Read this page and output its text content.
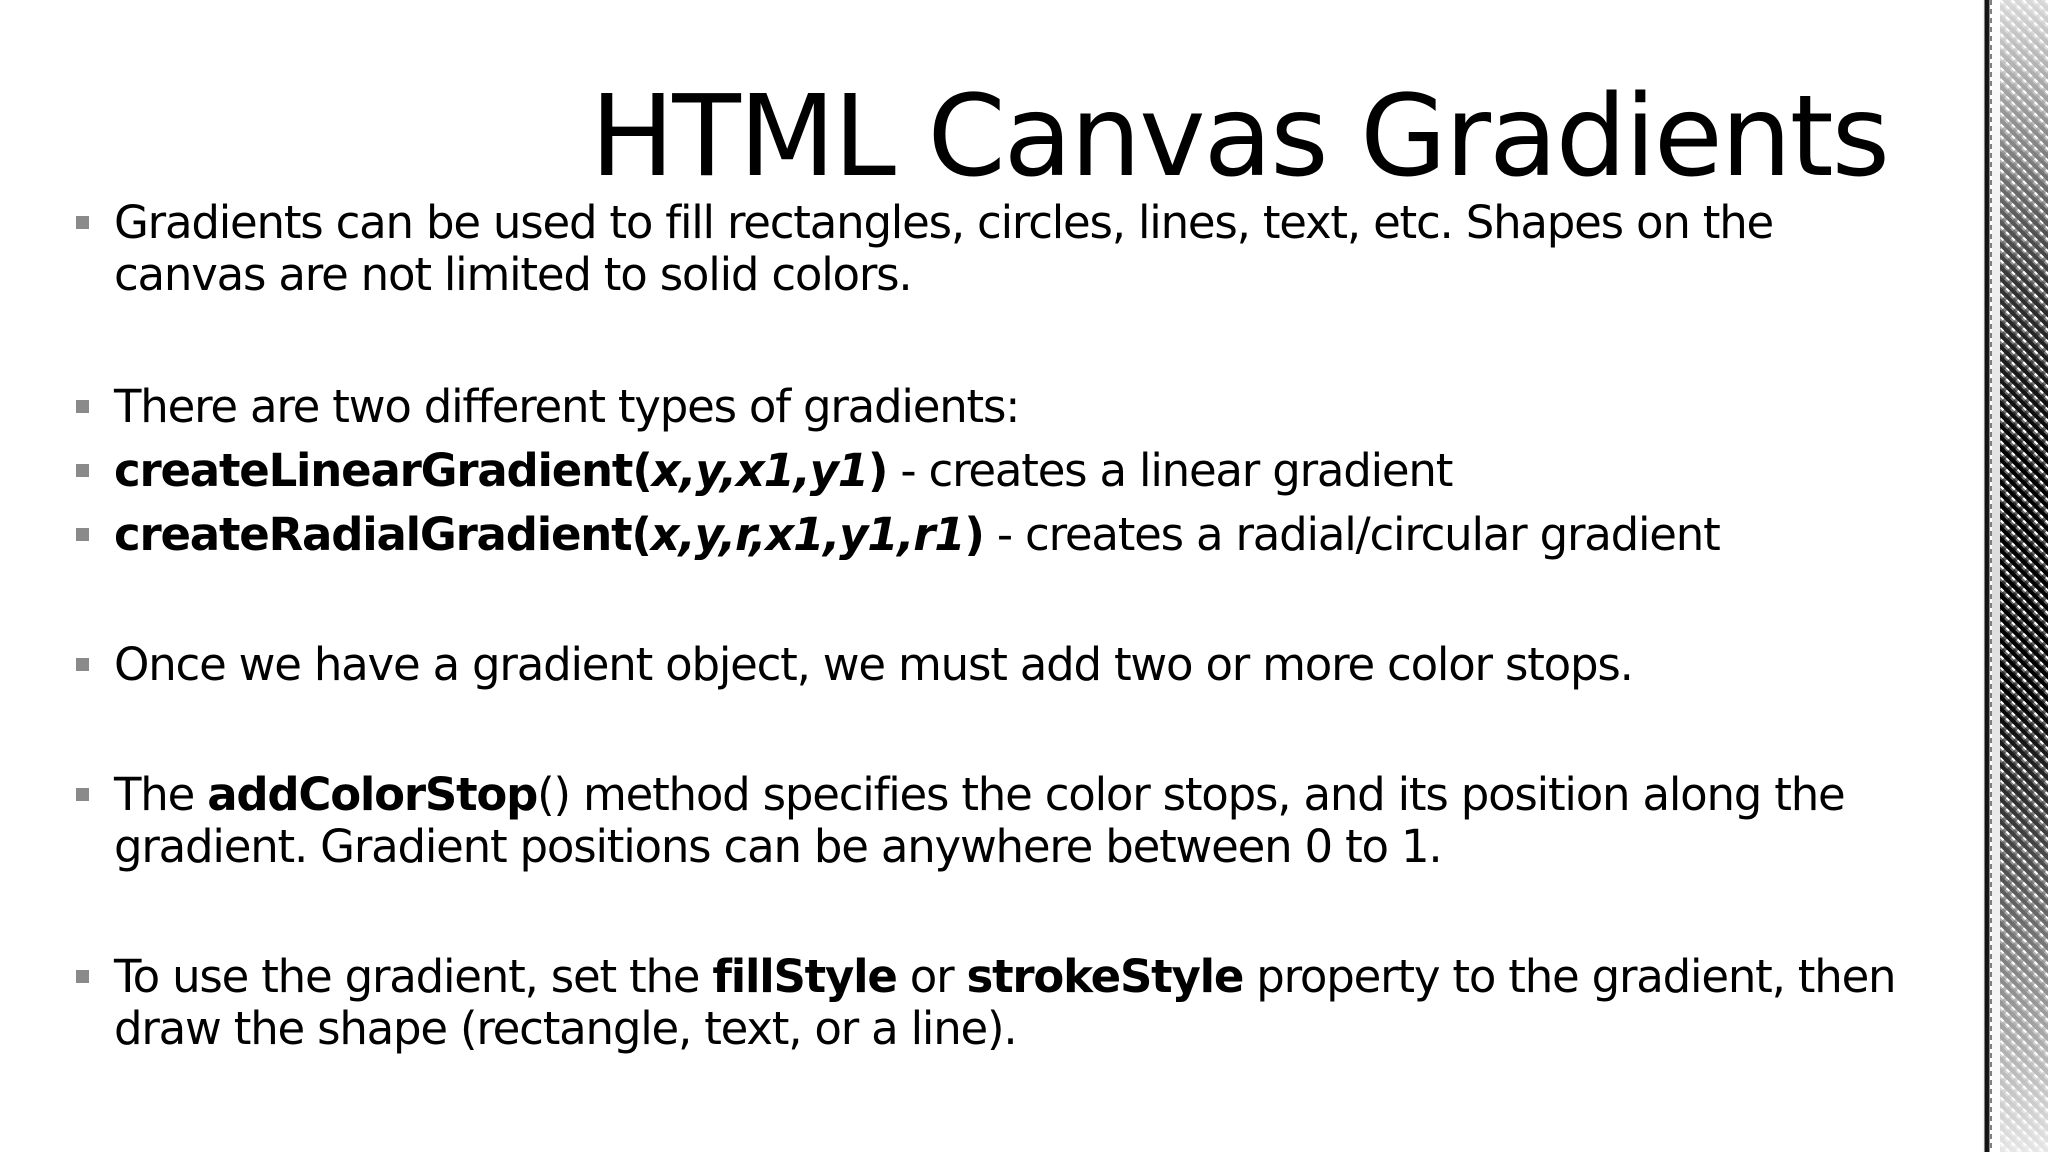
HTML Canvas Gradients
Gradients can be used to fill rectangles, circles, lines, text, etc. Shapes on the canvas are not limited to solid colors.
There are two different types of gradients:
createLinearGradient(x,y,x1,y1) - creates a linear gradient
createRadialGradient(x,y,r,x1,y1,r1) - creates a radial/circular gradient
Once we have a gradient object, we must add two or more color stops.
The addColorStop() method specifies the color stops, and its position along the gradient. Gradient positions can be anywhere between 0 to 1.
To use the gradient, set the fillStyle or strokeStyle property to the gradient, then draw the shape (rectangle, text, or a line).
